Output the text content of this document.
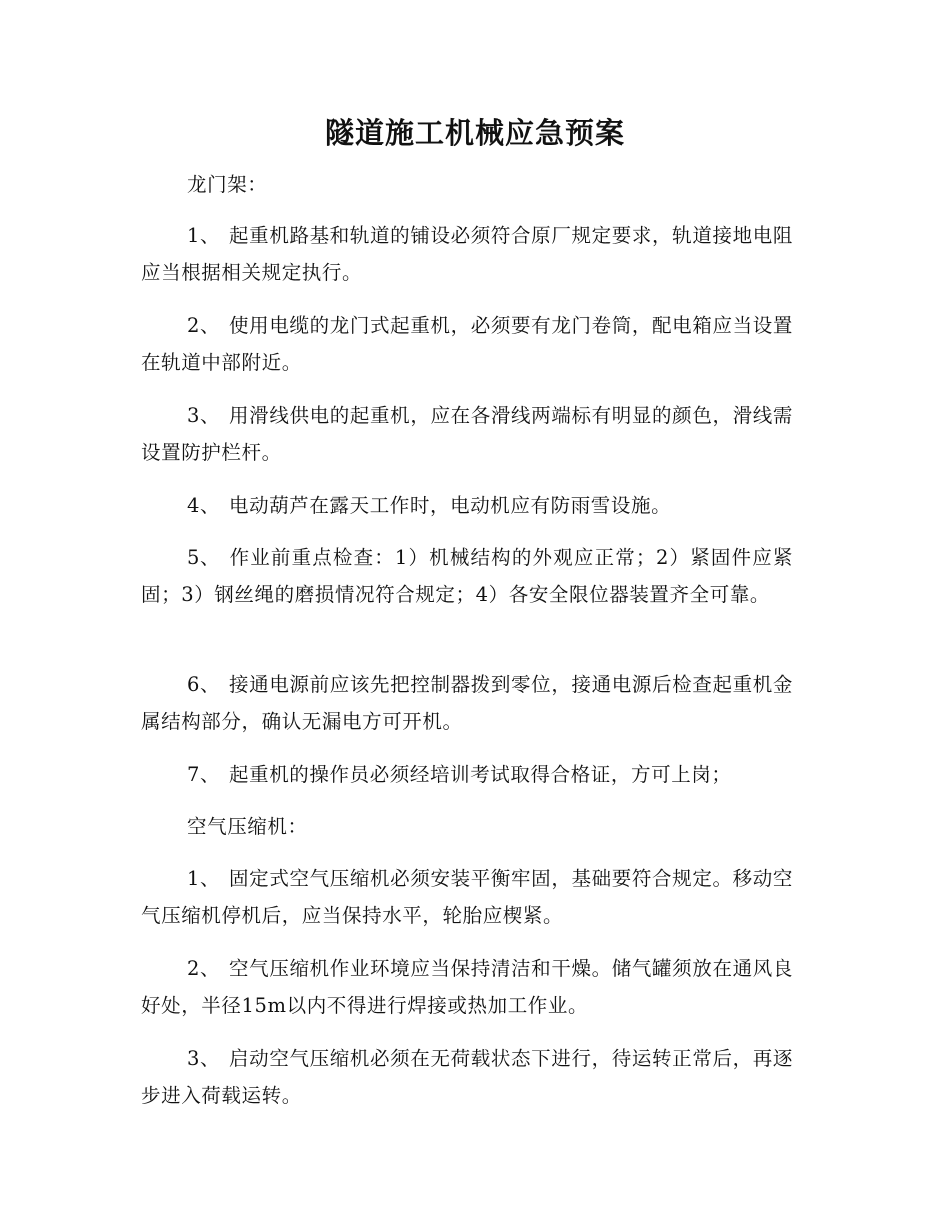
隧道施工机械应急预案

龙门架：

1、 起重机路基和轨道的铺设必须符合原厂规定要求，轨道接地电阻应当根据相关规定执行。

2、 使用电缆的龙门式起重机，必须要有龙门卷筒，配电箱应当设置在轨道中部附近。

3、 用滑线供电的起重机，应在各滑线两端标有明显的颜色，滑线需设置防护栏杆。

4、 电动葫芦在露天工作时，电动机应有防雨雪设施。

5、 作业前重点检查：1）机械结构的外观应正常；2）紧固件应紧固；3）钢丝绳的磨损情况符合规定；4）各安全限位器装置齐全可靠。

6、 接通电源前应该先把控制器拨到零位，接通电源后检查起重机金属结构部分，确认无漏电方可开机。

7、 起重机的操作员必须经培训考试取得合格证，方可上岗；

空气压缩机：

1、 固定式空气压缩机必须安装平衡牢固，基础要符合规定。移动空气压缩机停机后，应当保持水平，轮胎应楔紧。

2、 空气压缩机作业环境应当保持清洁和干燥。储气罐须放在通风良好处，半径15m以内不得进行焊接或热加工作业。

3、 启动空气压缩机必须在无荷载状态下进行，待运转正常后，再逐步进入荷载运转。
